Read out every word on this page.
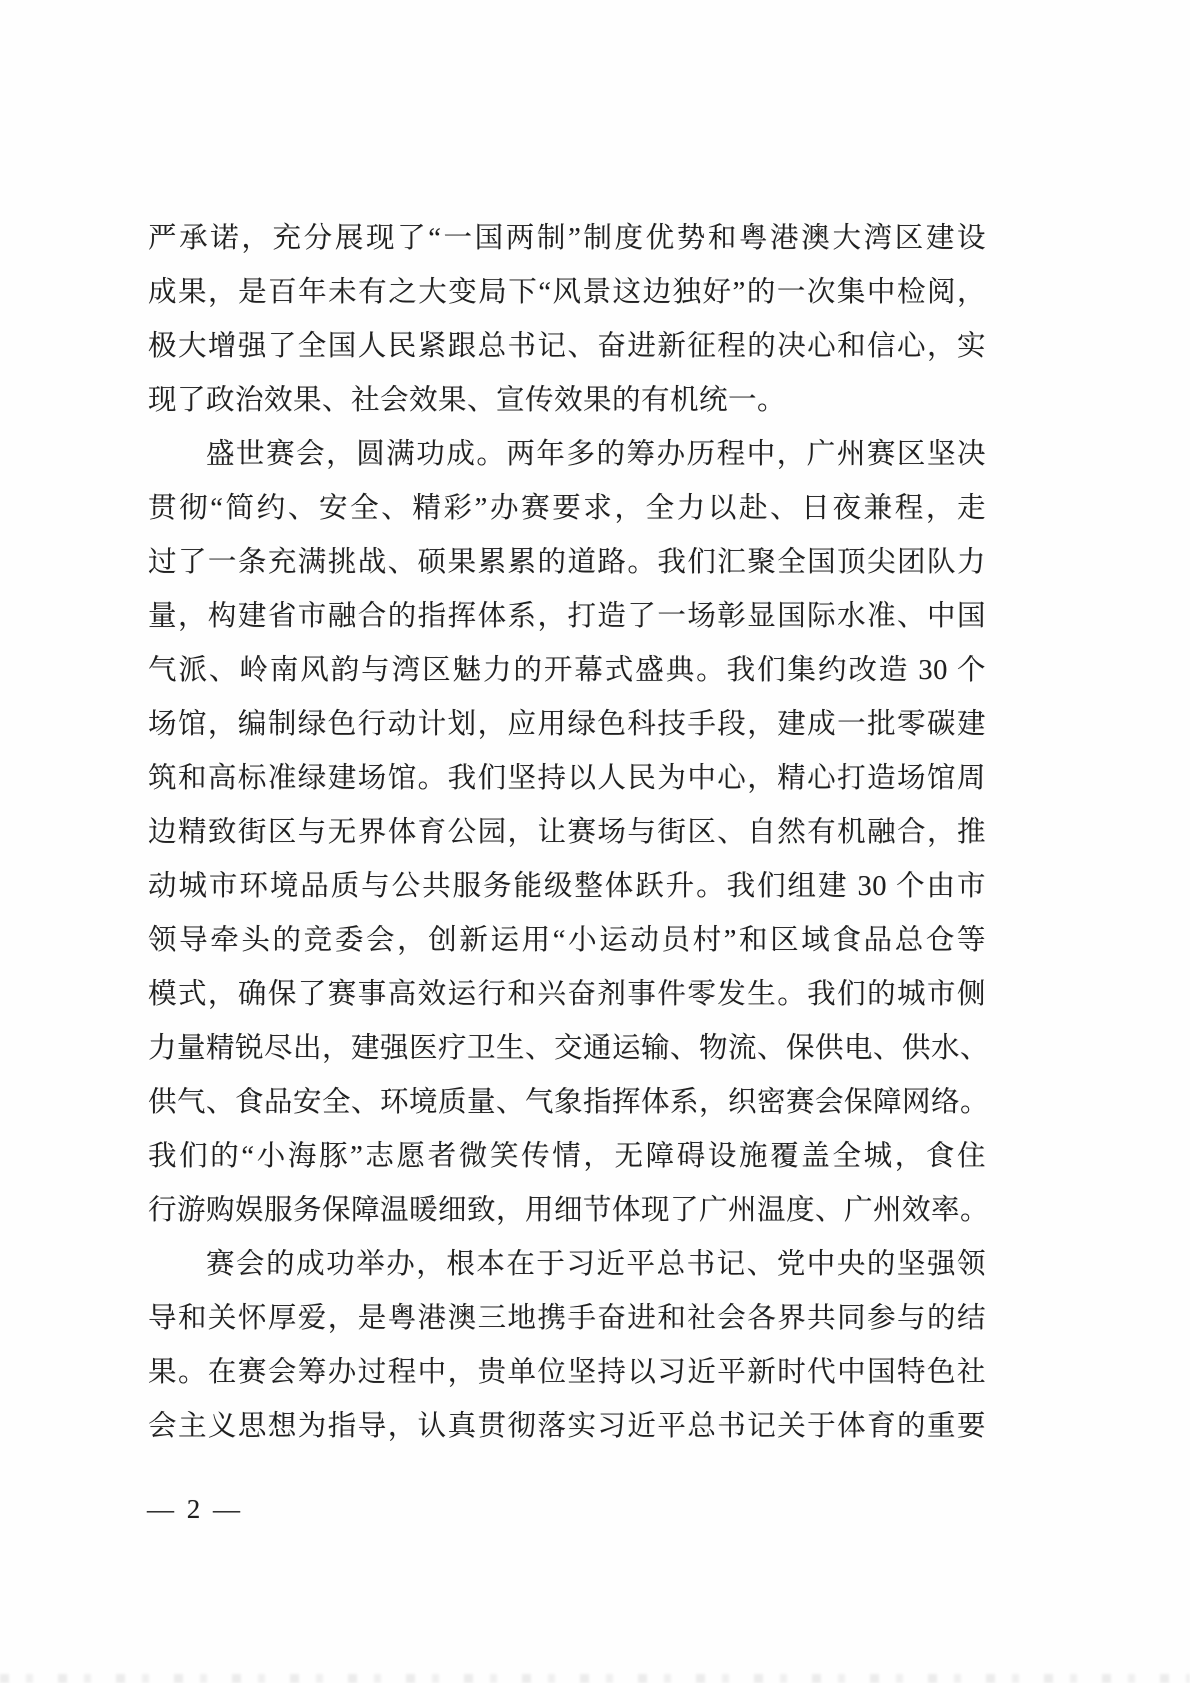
严承诺，充分展现了“一国两制”制度优势和粤港澳大湾区建设
成果，是百年未有之大变局下“风景这边独好”的一次集中检阅，
极大增强了全国人民紧跟总书记、奋进新征程的决心和信心，实
现了政治效果、社会效果、宣传效果的有机统一。
盛世赛会，圆满功成。两年多的筹办历程中，广州赛区坚决
贯彻“简约、安全、精彩”办赛要求，全力以赴、日夜兼程，走
过了一条充满挑战、硕果累累的道路。我们汇聚全国顶尖团队力
量，构建省市融合的指挥体系，打造了一场彰显国际水准、中国
气派、岭南风韵与湾区魅力的开幕式盛典。我们集约改造 30 个
场馆，编制绿色行动计划，应用绿色科技手段，建成一批零碳建
筑和高标准绿建场馆。我们坚持以人民为中心，精心打造场馆周
边精致街区与无界体育公园，让赛场与街区、自然有机融合，推
动城市环境品质与公共服务能级整体跃升。我们组建 30 个由市
领导牵头的竞委会，创新运用“小运动员村”和区域食品总仓等
模式，确保了赛事高效运行和兴奋剂事件零发生。我们的城市侧
力量精锐尽出，建强医疗卫生、交通运输、物流、保供电、供水、
供气、食品安全、环境质量、气象指挥体系，织密赛会保障网络。
我们的“小海豚”志愿者微笑传情，无障碍设施覆盖全城，食住
行游购娱服务保障温暖细致，用细节体现了广州温度、广州效率。
赛会的成功举办，根本在于习近平总书记、党中央的坚强领
导和关怀厚爱，是粤港澳三地携手奋进和社会各界共同参与的结
果。在赛会筹办过程中，贵单位坚持以习近平新时代中国特色社
会主义思想为指导，认真贯彻落实习近平总书记关于体育的重要
— 2 —
